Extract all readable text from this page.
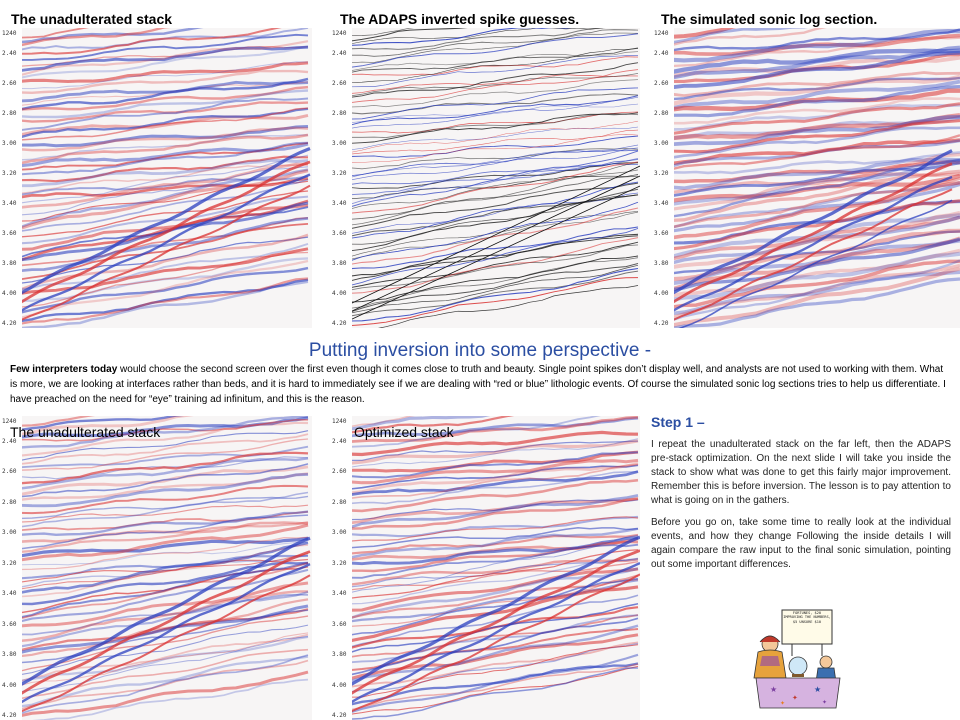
The unadulterated stack	The ADAPS inverted spike guesses.	The simulated sonic log section.
1240
2.40
2.60
2.80
3.00
3.20
3.40
3.60
3.80
4.00
4.20
1240
2.40
2.60
2.80
3.00
3.20
3.40
3.60
3.80
4.00
4.20
1240
2.40
2.60
2.80
3.00
3.20
3.40
3.60
3.80
4.00
4.20
Putting inversion into some perspective -
Few interpreters today would choose the second screen over the first even though it comes close to truth and beauty. Single point spikes don’t display well, and analysts are not used to working with them. What is more, we are looking at interfaces rather than beds, and it is hard to immediately see if we are dealing with “red or blue” lithologic events. Of course the simulated sonic log sections tries to help us differentiate. I have preached on the need for “eye” training ad infinitum, and this is the reason.
1240
2.40
2.60
2.80
3.00
3.20
3.40
3.60
3.80
4.00
4.20
1240
2.40
2.60
2.80
3.00
3.20
3.40
3.60
3.80
4.00
4.20
The unadulterated stack	Optimized stack
Step 1 –

I repeat the unadulterated stack on the far left, then the ADAPS pre-stack optimization. On the next slide I will take you inside the stack to show what was done to get this fairly major improvement. Remember this is before inversion. The lesson is to pay attention to what is going on in the gathers.

Before you go on, take some time to really look at the individual events, and how they change Following the inside details I will again compare the raw input to the final sonic simulation, pointing out some important differences.

FORTUNES, $20 IMPROVING THE NUMBERS, $5 UNSURE $10
★
✦
★
✦	✦
